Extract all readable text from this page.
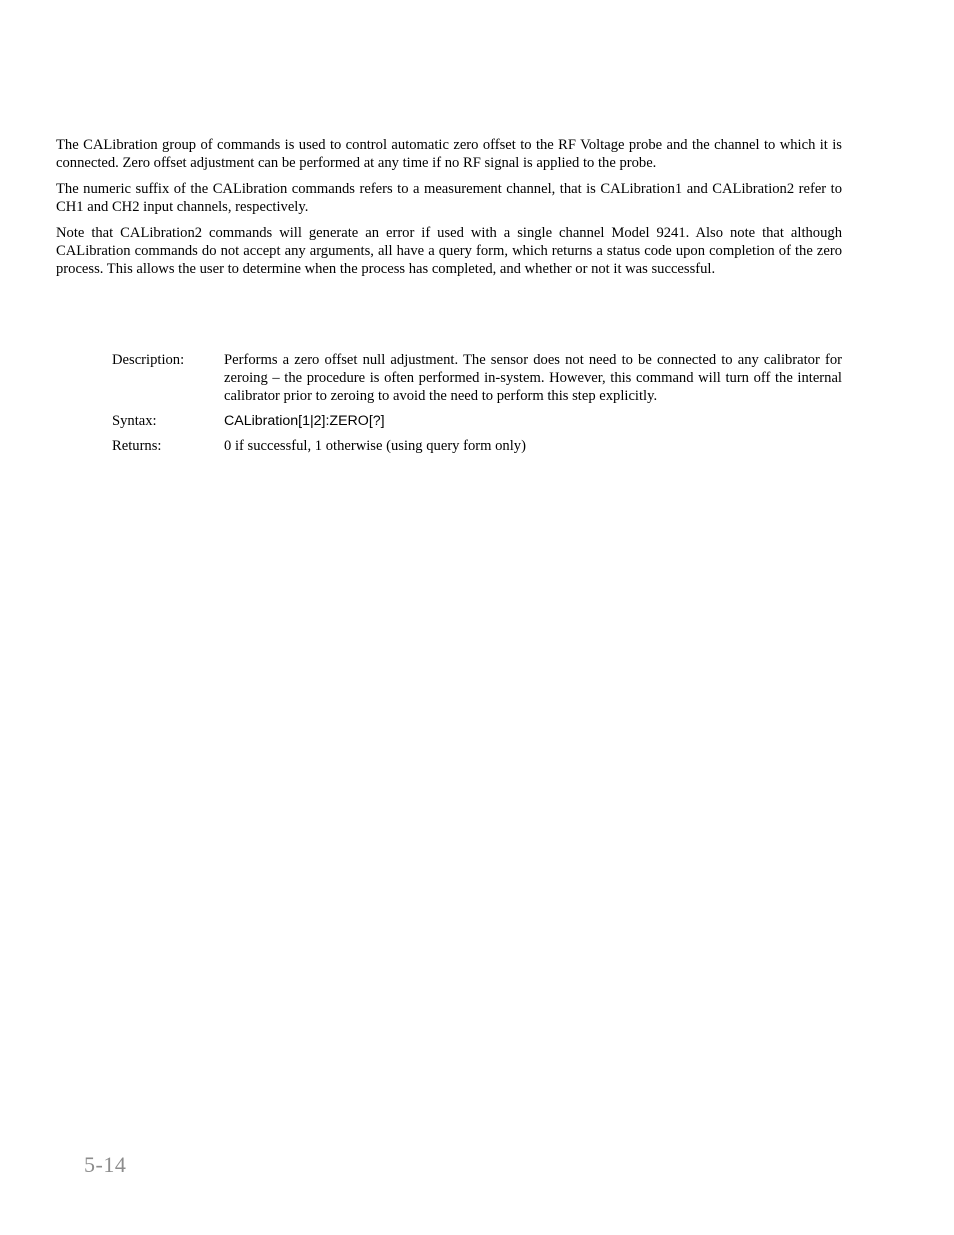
The CALibration group of commands is used to control automatic zero offset to the RF Voltage probe and the channel to which it is connected. Zero offset adjustment can be performed at any time if no RF signal is applied to the probe.

The numeric suffix of the CALibration commands refers to a measurement channel, that is CALibration1 and CALibration2 refer to CH1 and CH2 input channels, respectively.

Note that CALibration2 commands will generate an error if used with a single channel Model 9241. Also note that although CALibration commands do not accept any arguments, all have a query form, which returns a status code upon completion of the zero process. This allows the user to determine when the process has completed, and whether or not it was successful.

Description:	Performs a zero offset null adjustment. The sensor does not need to be connected to any calibrator for zeroing – the procedure is often performed in-system. However, this command will turn off the internal calibrator prior to zeroing to avoid the need to perform this step explicitly.
Syntax:	CALibration[1|2]:ZERO[?]
Returns:	0 if successful, 1 otherwise (using query form only)
5-14
